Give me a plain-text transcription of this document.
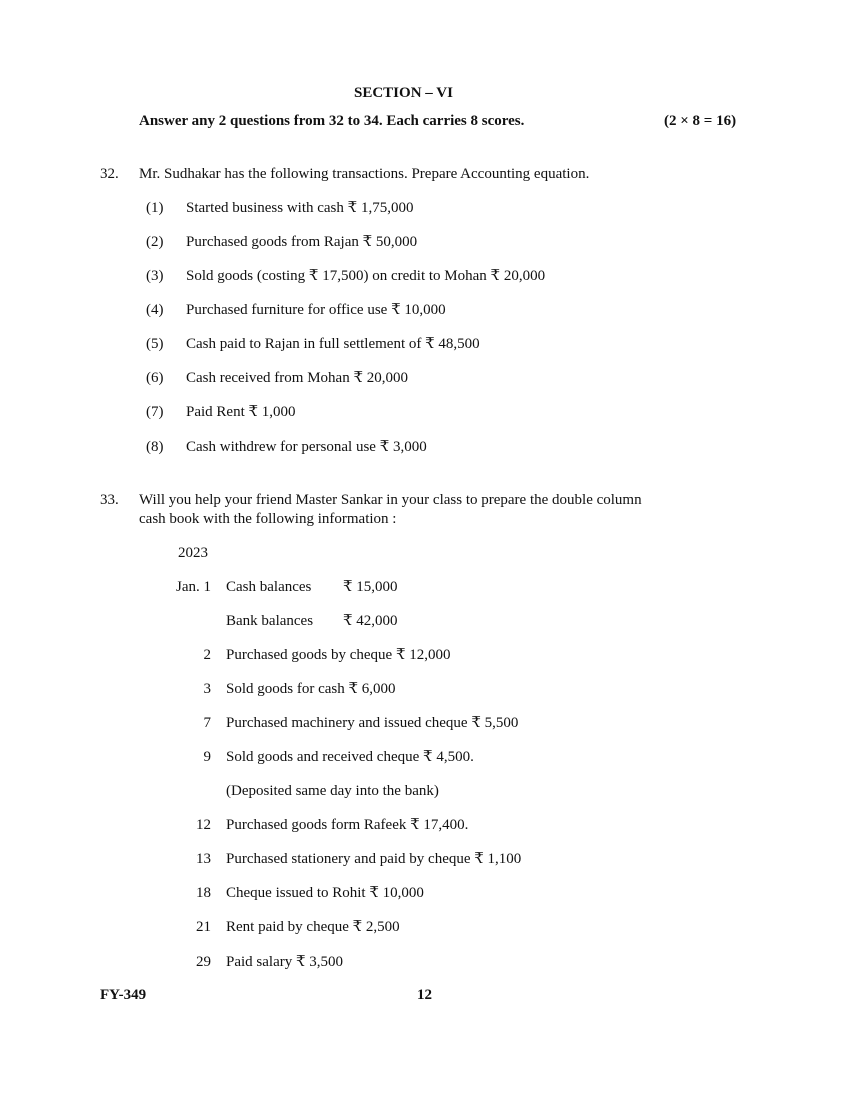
SECTION – VI
Answer any 2 questions from 32 to 34. Each carries 8 scores.	(2 × 8 = 16)
32. Mr. Sudhakar has the following transactions. Prepare Accounting equation.
(1)	Started business with cash ₹ 1,75,000
(2)	Purchased goods from Rajan ₹ 50,000
(3)	Sold goods (costing ₹ 17,500) on credit to Mohan ₹ 20,000
(4)	Purchased furniture for office use ₹ 10,000
(5)	Cash paid to Rajan in full settlement of ₹ 48,500
(6)	Cash received from Mohan ₹ 20,000
(7)	Paid Rent ₹ 1,000
(8)	Cash withdrew for personal use ₹ 3,000
33. Will you help your friend Master Sankar in your class to prepare the double column
cash book with the following information :
2023
Jan. 1 Cash balances ₹ 15,000
Bank balances ₹ 42,000
2 Purchased goods by cheque ₹ 12,000
3 Sold goods for cash ₹ 6,000
7 Purchased machinery and issued cheque ₹ 5,500
9 Sold goods and received cheque ₹ 4,500.
(Deposited same day into the bank)
12 Purchased goods form Rafeek ₹ 17,400.
13 Purchased stationery and paid by cheque ₹ 1,100
18 Cheque issued to Rohit ₹ 10,000
21 Rent paid by cheque ₹ 2,500
29 Paid salary ₹ 3,500
FY-349	12
